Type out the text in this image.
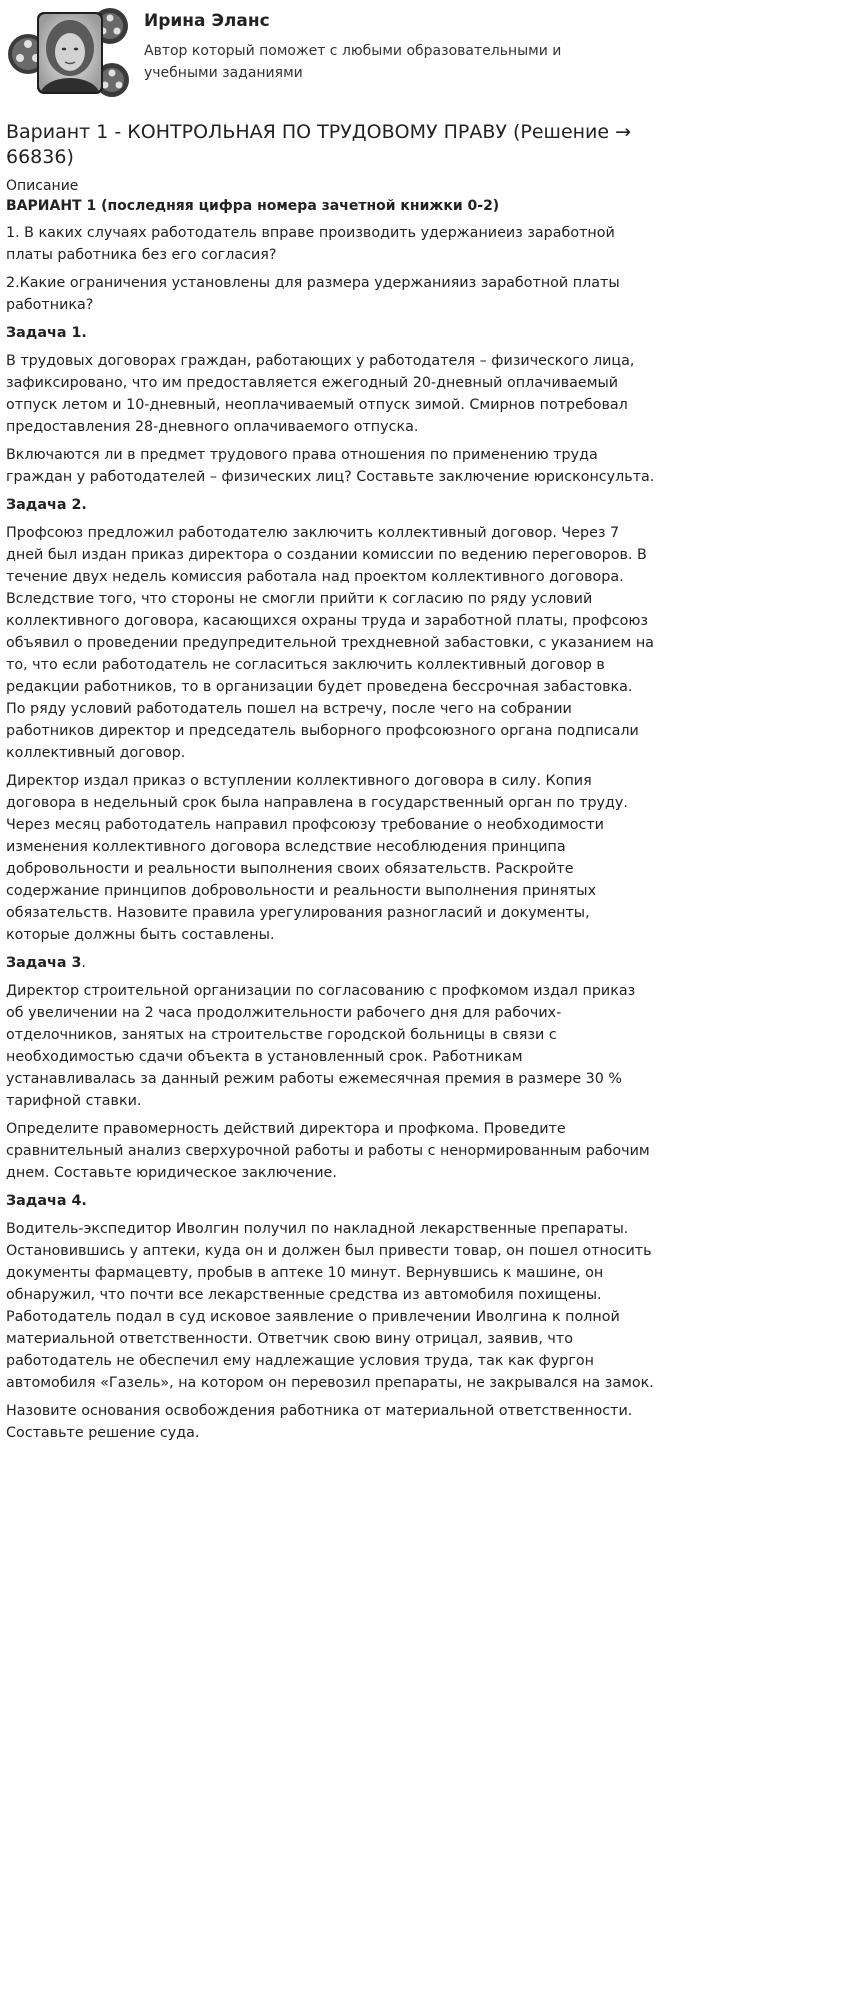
Ирина Эланс

Автор который поможет с любыми образовательными и учебными заданиями

Вариант 1 - КОНТРОЛЬНАЯ ПО ТРУДОВОМУ ПРАВУ (Решение → 66836)

Описание

ВАРИАНТ 1 (последняя цифра номера зачетной книжки 0-2)

1. В каких случаях работодатель вправе производить удержаниеиз заработной платы работника без его согласия?

2.Какие ограничения установлены для размера удержанияиз заработной платы работника?

Задача 1.

В трудовых договорах граждан, работающих у работодателя – физического лица, зафиксировано, что им предоставляется ежегодный 20-дневный оплачиваемый отпуск летом и 10-дневный, неоплачиваемый отпуск зимой. Смирнов потребовал предоставления 28-дневного оплачиваемого отпуска.

Включаются ли в предмет трудового права отношения по применению труда граждан у работодателей – физических лиц? Составьте заключение юрисконсульта.

Задача 2.

Профсоюз предложил работодателю заключить коллективный договор. Через 7 дней был издан приказ директора о создании комиссии по ведению переговоров. В течение двух недель комиссия работала над проектом коллективного договора. Вследствие того, что стороны не смогли прийти к согласию по ряду условий коллективного договора, касающихся охраны труда и заработной платы, профсоюз объявил о проведении предупредительной трехдневной забастовки, с указанием на то, что если работодатель не согласиться заключить коллективный договор в редакции работников, то в организации будет проведена бессрочная забастовка. По ряду условий работодатель пошел на встречу, после чего на собрании работников директор и председатель выборного профсоюзного органа подписали коллективный договор.

Директор издал приказ о вступлении коллективного договора в силу. Копия договора в недельный срок была направлена в государственный орган по труду. Через месяц работодатель направил профсоюзу требование о необходимости изменения коллективного договора вследствие несоблюдения принципа добровольности и реальности выполнения своих обязательств. Раскройте содержание принципов добровольности и реальности выполнения принятых обязательств. Назовите правила урегулирования разногласий и документы, которые должны быть составлены.

Задача 3.

Директор строительной организации по согласованию с профкомом издал приказ об увеличении на 2 часа продолжительности рабочего дня для рабочих-отделочников, занятых на строительстве городской больницы в связи с необходимостью сдачи объекта в установленный срок. Работникам устанавливалась за данный режим работы ежемесячная премия в размере 30 % тарифной ставки.

Определите правомерность действий директора и профкома. Проведите сравнительный анализ сверхурочной работы и работы с ненормированным рабочим днем. Составьте юридическое заключение.

Задача 4.

Водитель-экспедитор Иволгин получил по накладной лекарственные препараты. Остановившись у аптеки, куда он и должен был привести товар, он пошел относить документы фармацевту, пробыв в аптеке 10 минут. Вернувшись к машине, он обнаружил, что почти все лекарственные средства из автомобиля похищены. Работодатель подал в суд исковое заявление о привлечении Иволгина к полной материальной ответственности. Ответчик свою вину отрицал, заявив, что работодатель не обеспечил ему надлежащие условия труда, так как фургон автомобиля «Газель», на котором он перевозил препараты, не закрывался на замок.

Назовите основания освобождения работника от материальной ответственности. Составьте решение суда.
